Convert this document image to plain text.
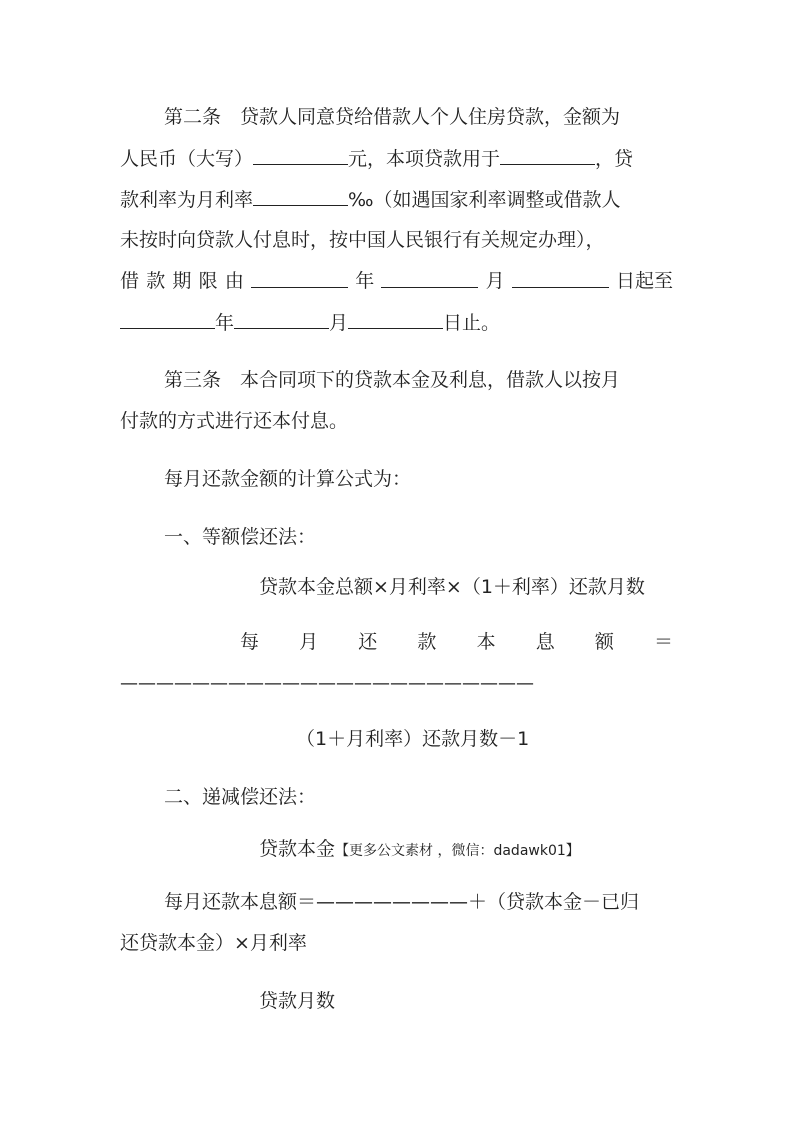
第二条　贷款人同意贷给借款人个人住房贷款，金额为
人民币（大写）	元，本项贷款用于	，贷
款利率为月利率	‰（如遇国家利率调整或借款人
未按时向贷款人付息时，按中国人民银行有关规定办理），
借 款 期 限 由	年	月	日起至
年	月	日止。
第三条　本合同项下的贷款本金及利息，借款人以按月
付款的方式进行还本付息。
每月还款金额的计算公式为：
一、等额偿还法：
贷款本金总额×月利率×（1＋利率）还款月数
每 月 还 款 本 息 额 ＝
———————————————————————
（1＋月利率）还款月数－1
二、递减偿还法：
贷款本金【更多公文素材 ，微信：dadawk01】
每月还款本息额＝————————＋（贷款本金－已归
还贷款本金）×月利率
贷款月数
